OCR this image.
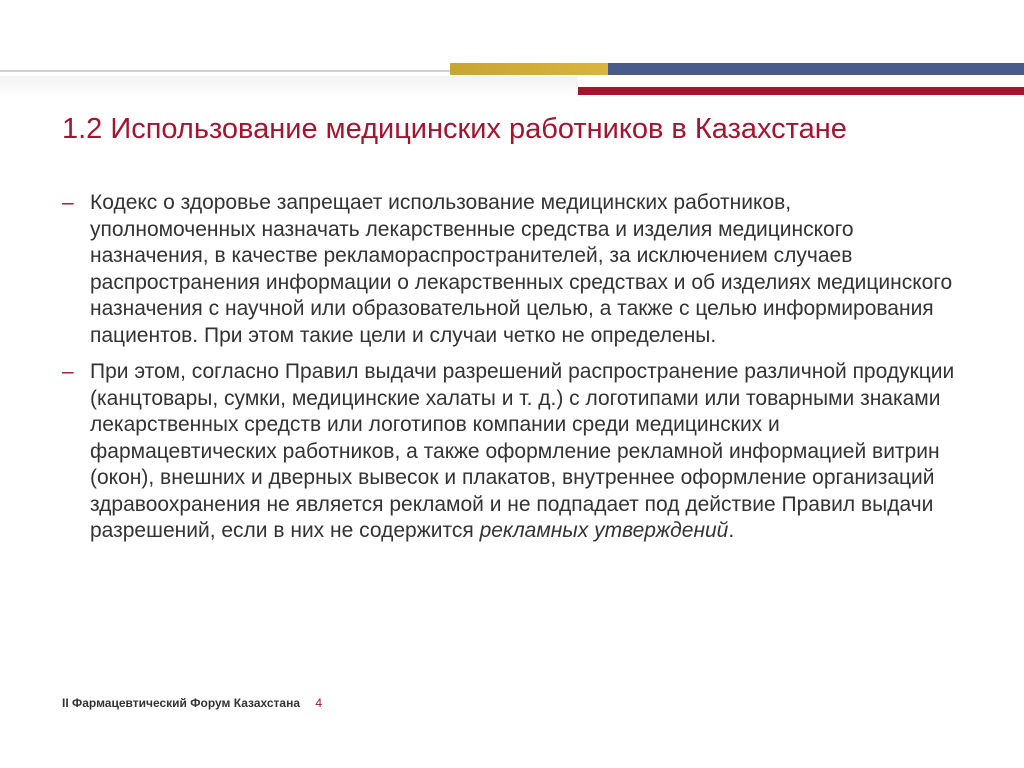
1.2 Использование медицинских работников в Казахстане
– Кодекс о здоровье запрещает использование медицинских работников, уполномоченных назначать лекарственные средства и изделия медицинского назначения, в качестве рекламораспространителей, за исключением случаев распространения информации о лекарственных средствах и об изделиях медицинского назначения с научной или образовательной целью, а также с целью информирования пациентов. При этом такие цели и случаи четко не определены.
– При этом, согласно Правил выдачи разрешений распространение различной продукции (канцтовары, сумки, медицинские халаты и т. д.) с логотипами или товарными знаками лекарственных средств или логотипов компании среди медицинских и фармацевтических работников, а также оформление рекламной информацией витрин (окон), внешних и дверных вывесок и плакатов, внутреннее оформление организаций здравоохранения не является рекламой и не подпадает под действие Правил выдачи разрешений, если в них не содержится рекламных утверждений.
II Фармацевтический Форум Казахстана 4
